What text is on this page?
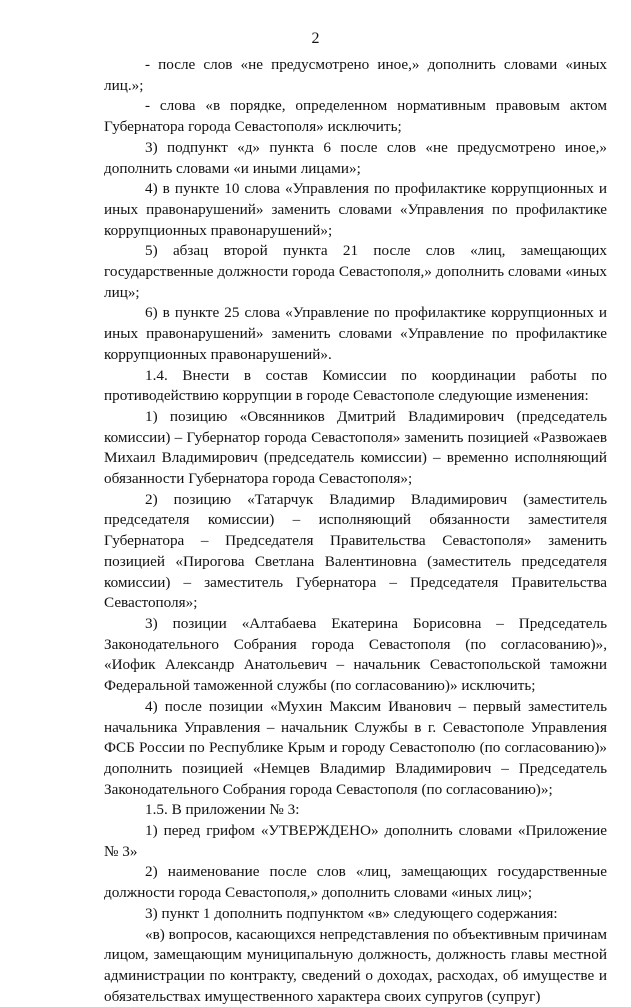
2

- после слов «не предусмотрено иное,» дополнить словами «иных лиц.»;

- слова «в порядке, определенном нормативным правовым актом Губернатора города Севастополя» исключить;

3) подпункт «д» пункта 6 после слов «не предусмотрено иное,» дополнить словами «и иными лицами»;

4) в пункте 10 слова «Управления по профилактике коррупционных и иных правонарушений» заменить словами «Управления по профилактике коррупционных правонарушений»;

5) абзац второй пункта 21 после слов «лиц, замещающих государственные должности города Севастополя,» дополнить словами «иных лиц»;

6) в пункте 25 слова «Управление по профилактике коррупционных и иных правонарушений» заменить словами «Управление по профилактике коррупционных правонарушений».

1.4. Внести в состав Комиссии по координации работы по противодействию коррупции в городе Севастополе следующие изменения:

1) позицию «Овсянников Дмитрий Владимирович (председатель комиссии) – Губернатор города Севастополя» заменить позицией «Развожаев Михаил Владимирович (председатель комиссии) – временно исполняющий обязанности Губернатора города Севастополя»;

2) позицию «Татарчук Владимир Владимирович (заместитель председателя комиссии) – исполняющий обязанности заместителя Губернатора – Председателя Правительства Севастополя» заменить позицией «Пирогова Светлана Валентиновна (заместитель председателя комиссии) – заместитель Губернатора – Председателя Правительства Севастополя»;

3) позиции «Алтабаева Екатерина Борисовна – Председатель Законодательного Собрания города Севастополя (по согласованию)», «Иофик Александр Анатольевич – начальник Севастопольской таможни Федеральной таможенной службы (по согласованию)» исключить;

4) после позиции «Мухин Максим Иванович – первый заместитель начальника Управления – начальник Службы в г. Севастополе Управления ФСБ России по Республике Крым и городу Севастополю (по согласованию)» дополнить позицией «Немцев Владимир Владимирович – Председатель Законодательного Собрания города Севастополя (по согласованию)»;

1.5. В приложении № 3:

1) перед грифом «УТВЕРЖДЕНО» дополнить словами «Приложение № 3»

2) наименование после слов «лиц, замещающих государственные должности города Севастополя,» дополнить словами «иных лиц»;

3) пункт 1 дополнить подпунктом «в» следующего содержания:

«в) вопросов, касающихся непредставления по объективным причинам лицом, замещающим муниципальную должность, должность главы местной администрации по контракту, сведений о доходах, расходах, об имуществе и обязательствах имущественного характера своих супругов (супруг)
